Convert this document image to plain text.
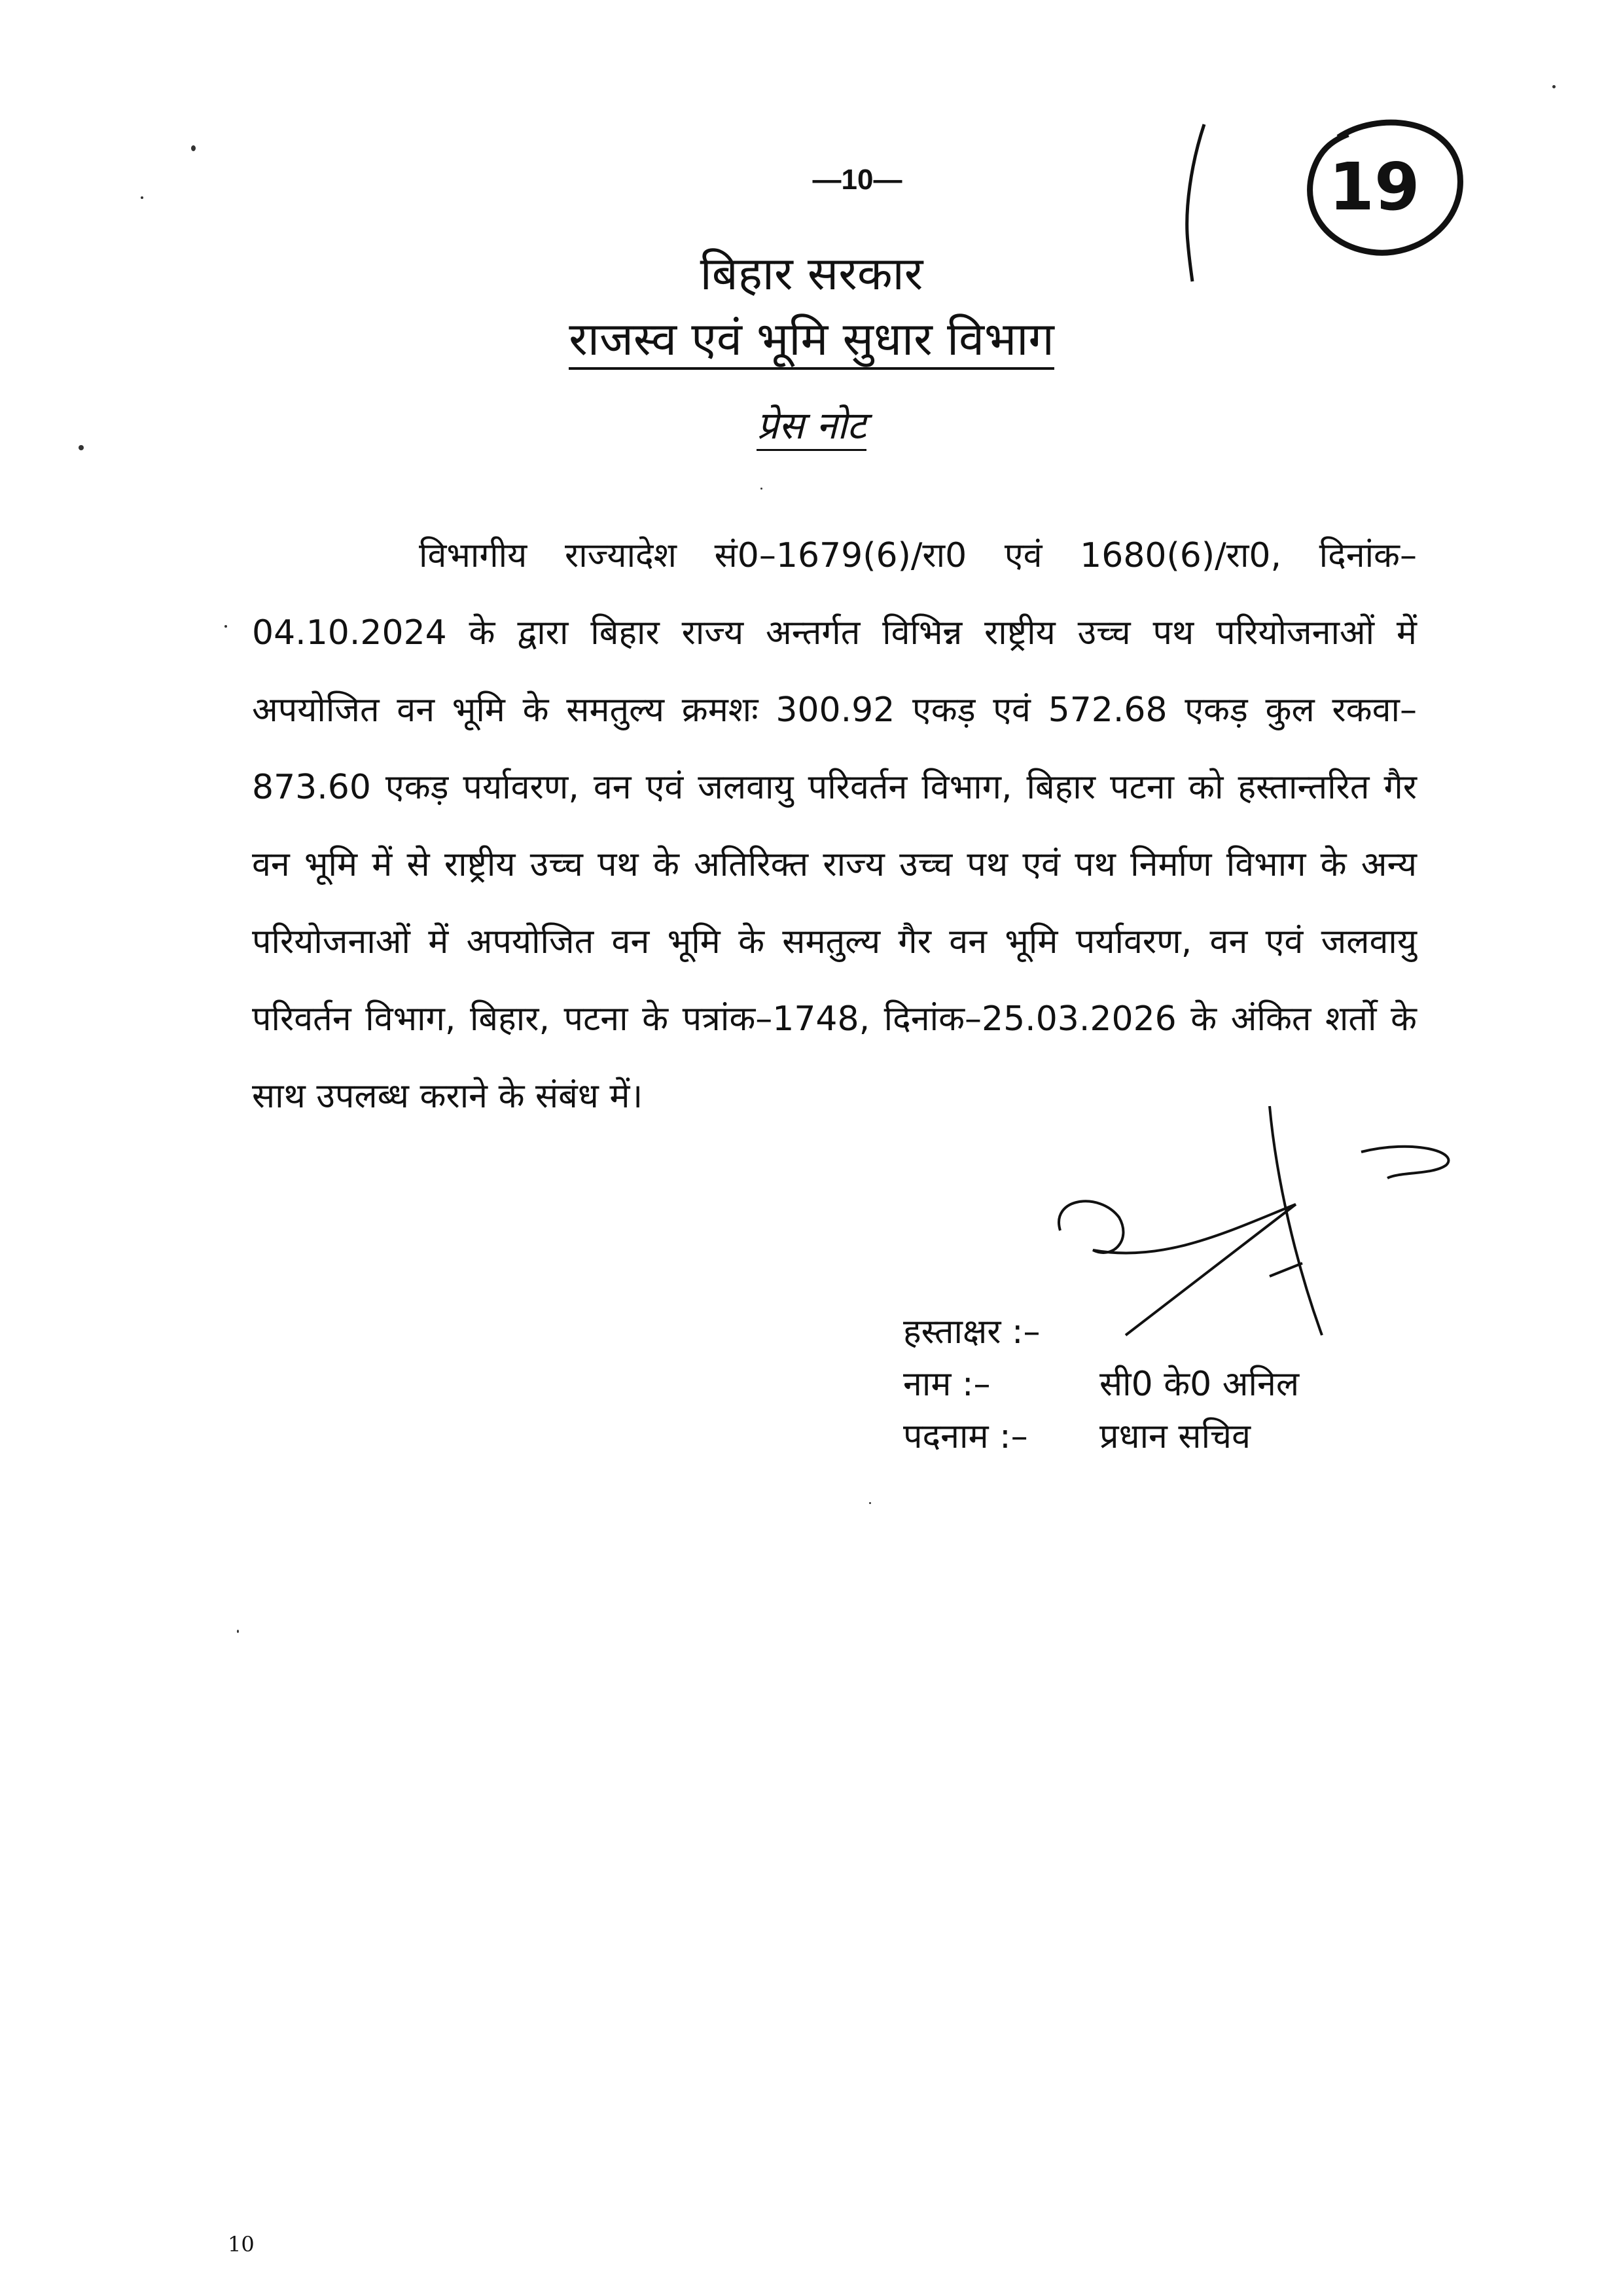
—10—	19
बिहार सरकार
राजस्व एवं भूमि सुधार विभाग
प्रेस नोट
विभागीय राज्यादेश सं0–1679(6)/रा0 एवं 1680(6)/रा0, दिनांक–04.10.2024 के द्वारा बिहार राज्य अन्तर्गत विभिन्न राष्ट्रीय उच्च पथ परियोजनाओं में अपयोजित वन भूमि के समतुल्य क्रमशः 300.92 एकड़ एवं 572.68 एकड़ कुल रकवा–873.60 एकड़ पर्यावरण, वन एवं जलवायु परिवर्तन विभाग, बिहार पटना को हस्तान्तरित गैर वन भूमि में से राष्ट्रीय उच्च पथ के अतिरिक्त राज्य उच्च पथ एवं पथ निर्माण विभाग के अन्य परियोजनाओं में अपयोजित वन भूमि के समतुल्य गैर वन भूमि पर्यावरण, वन एवं जलवायु परिवर्तन विभाग, बिहार, पटना के पत्रांक–1748, दिनांक–25.03.2026 के अंकित शर्तो के साथ उपलब्ध कराने के संबंध में।
हस्ताक्षर :–
नाम :–	सी0 के0 अनिल
पदनाम :– प्रधान सचिव
10
